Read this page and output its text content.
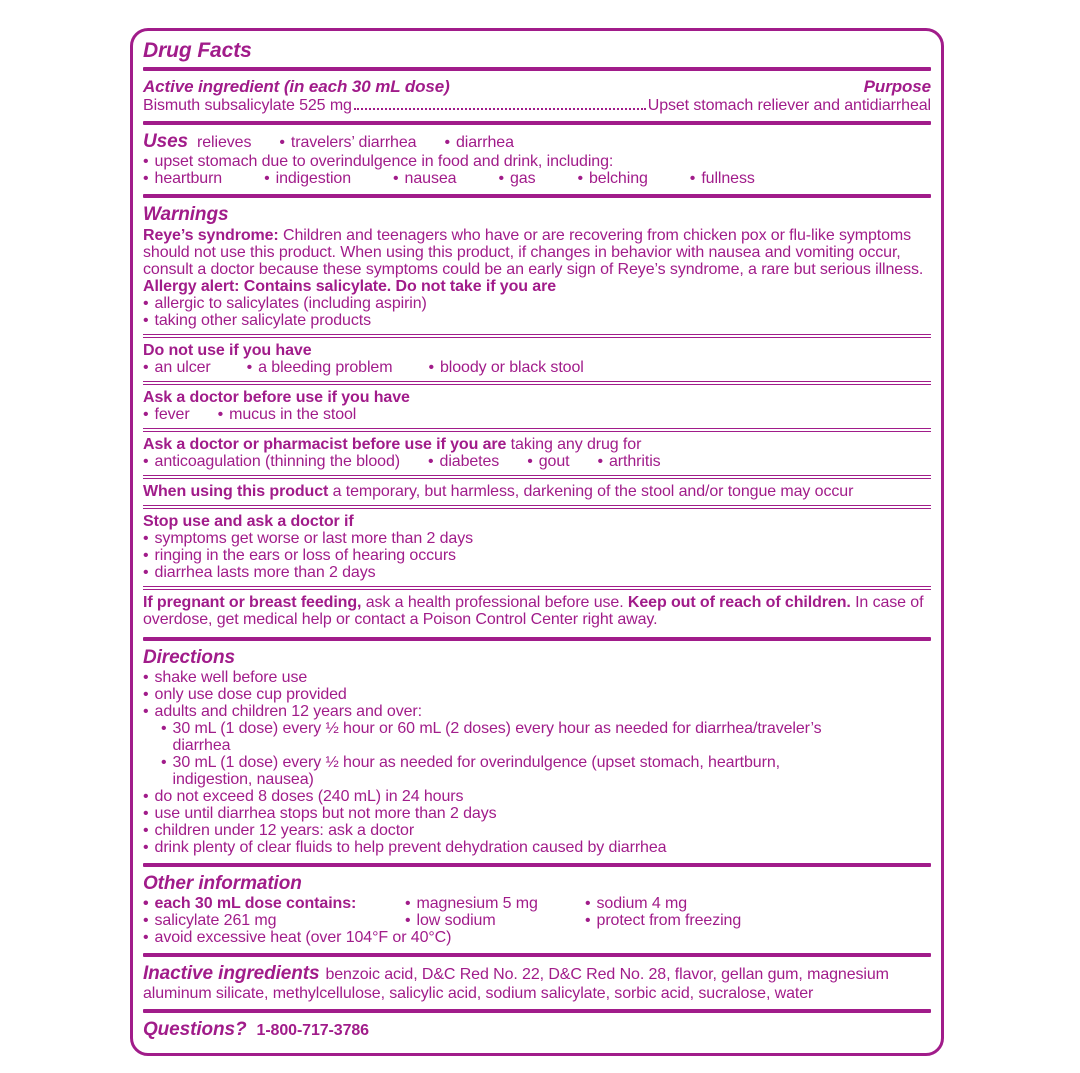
Drug Facts
Active ingredient (in each 30 mL dose)	Purpose
Bismuth subsalicylate 525 mg	Upset stomach reliever and antidiarrheal
Uses relieves	• travelers’ diarrhea	• diarrhea
• upset stomach due to overindulgence in food and drink, including:
• heartburn	• indigestion	• nausea	• gas	• belching	• fullness
Warnings

Reye’s syndrome: Children and teenagers who have or are recovering from chicken pox or flu-like symptoms should not use this product. When using this product, if changes in behavior with nausea and vomiting occur, consult a doctor because these symptoms could be an early sign of Reye’s syndrome, a rare but serious illness.

Allergy alert: Contains salicylate. Do not take if you are
• allergic to salicylates (including aspirin)
• taking other salicylate products
Do not use if you have
• an ulcer	• a bleeding problem	• bloody or black stool
Ask a doctor before use if you have
• fever	• mucus in the stool

Ask a doctor or pharmacist before use if you are taking any drug for

• anticoagulation (thinning the blood)	• diabetes	• gout	• arthritis

When using this product a temporary, but harmless, darkening of the stool and/or tongue may occur

Stop use and ask a doctor if
• symptoms get worse or last more than 2 days
• ringing in the ears or loss of hearing occurs
• diarrhea lasts more than 2 days

If pregnant or breast feeding, ask a health professional before use. Keep out of reach of children. In case of overdose, get medical help or contact a Poison Control Center right away.

Directions
• shake well before use
• only use dose cup provided
• adults and children 12 years and over:
• 30 mL (1 dose) every ½ hour or 60 mL (2 doses) every hour as needed for diarrhea/traveler’s diarrhea
• 30 mL (1 dose) every ½ hour as needed for overindulgence (upset stomach, heartburn, indigestion, nausea)
• do not exceed 8 doses (240 mL) in 24 hours
• use until diarrhea stops but not more than 2 days
• children under 12 years: ask a doctor
• drink plenty of clear fluids to help prevent dehydration caused by diarrhea
Other information
• each 30 mL dose contains:	• magnesium 5 mg	• sodium 4 mg
• salicylate 261 mg	• low sodium	• protect from freezing
• avoid excessive heat (over 104°F or 40°C)

Inactive ingredients benzoic acid, D&C Red No. 22, D&C Red No. 28, flavor, gellan gum, magnesium aluminum silicate, methylcellulose, salicylic acid, sodium salicylate, sorbic acid, sucralose, water

Questions? 1-800-717-3786
